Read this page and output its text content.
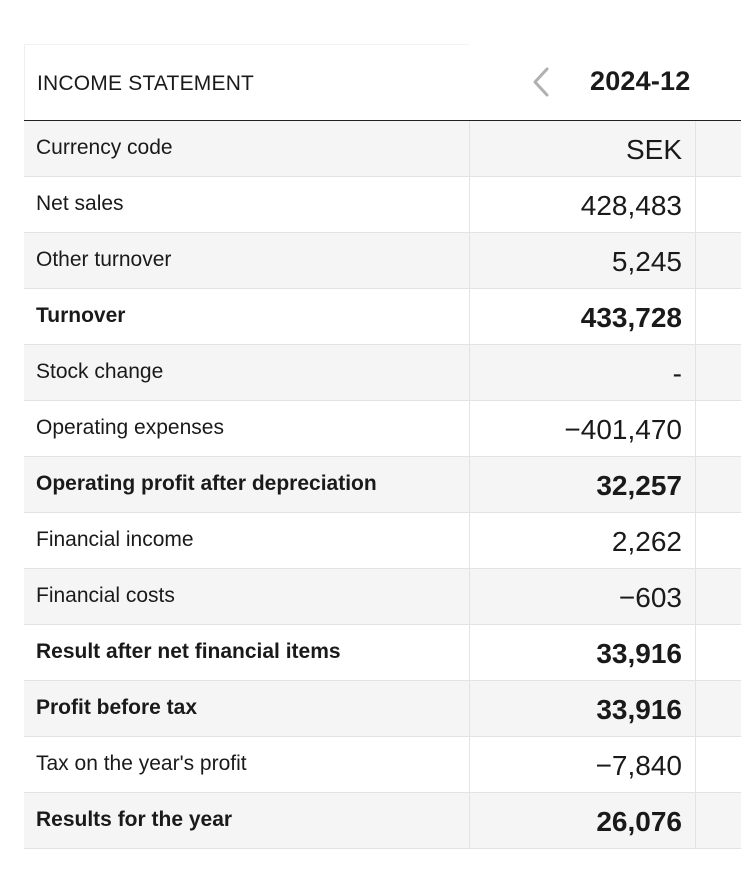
INCOME STATEMENT	2024-12
Currency code	SEK
Net sales	428,483
Other turnover	5,245
Turnover	433,728
Stock change	-
Operating expenses	−401,470
Operating profit after depreciation	32,257
Financial income	2,262
Financial costs	−603
Result after net financial items	33,916
Profit before tax	33,916
Tax on the year's profit	−7,840
Results for the year	26,076
